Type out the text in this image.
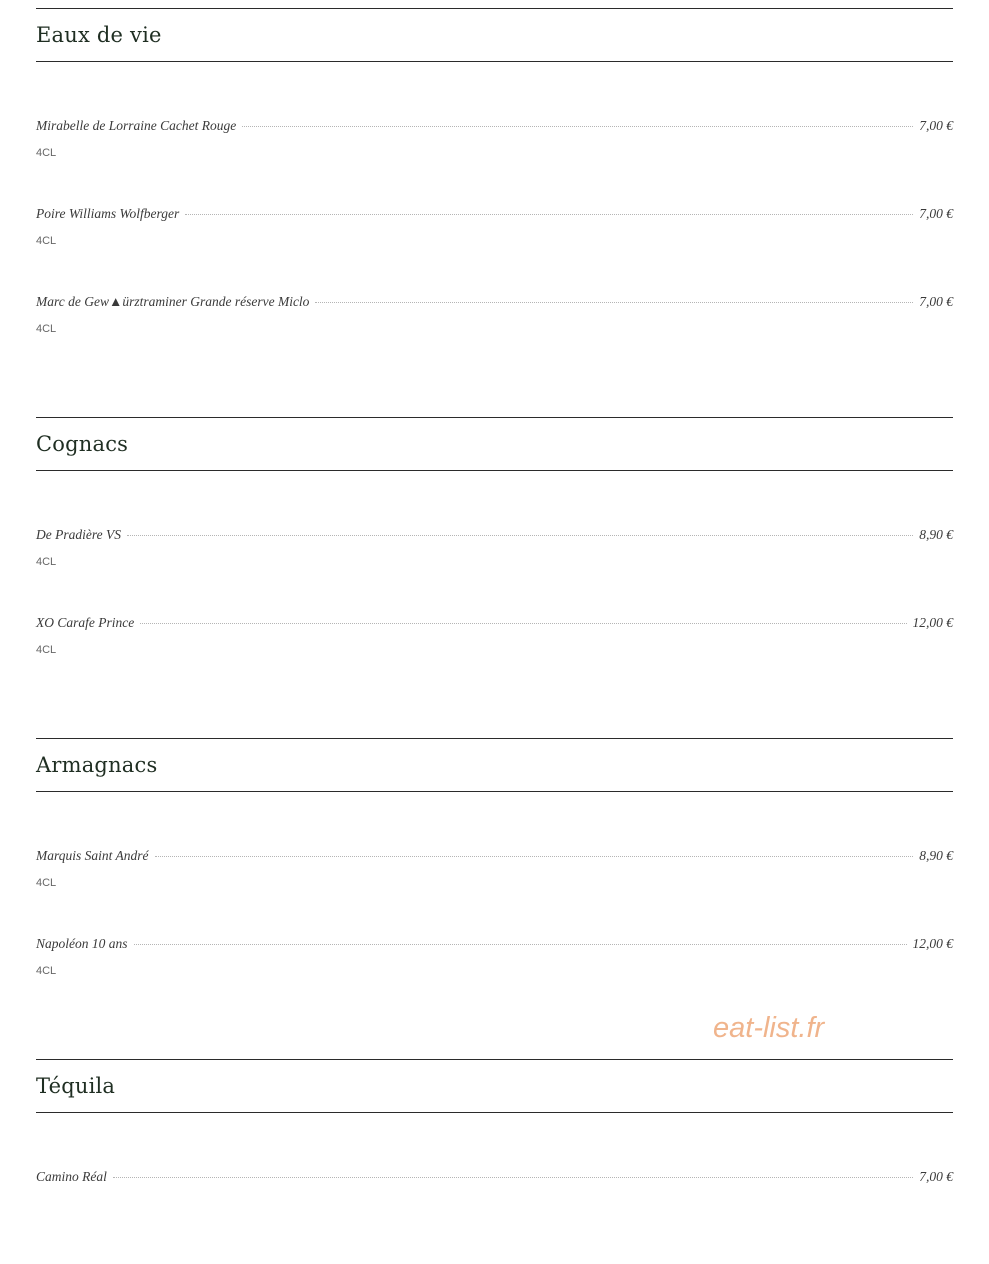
Eaux de vie
Mirabelle de Lorraine Cachet Rouge	7,00 €
4CL
Poire Williams Wolfberger	7,00 €
4CL
Marc de Gew▲ürztraminer Grande réserve Miclo	7,00 €
4CL
Cognacs
De Pradière VS	8,90 €
4CL
XO Carafe Prince	12,00 €
4CL
Armagnacs
Marquis Saint André	8,90 €
4CL
Napoléon 10 ans	12,00 €
4CL
Téquila
Camino Réal	7,00 €
eat-list.fr
